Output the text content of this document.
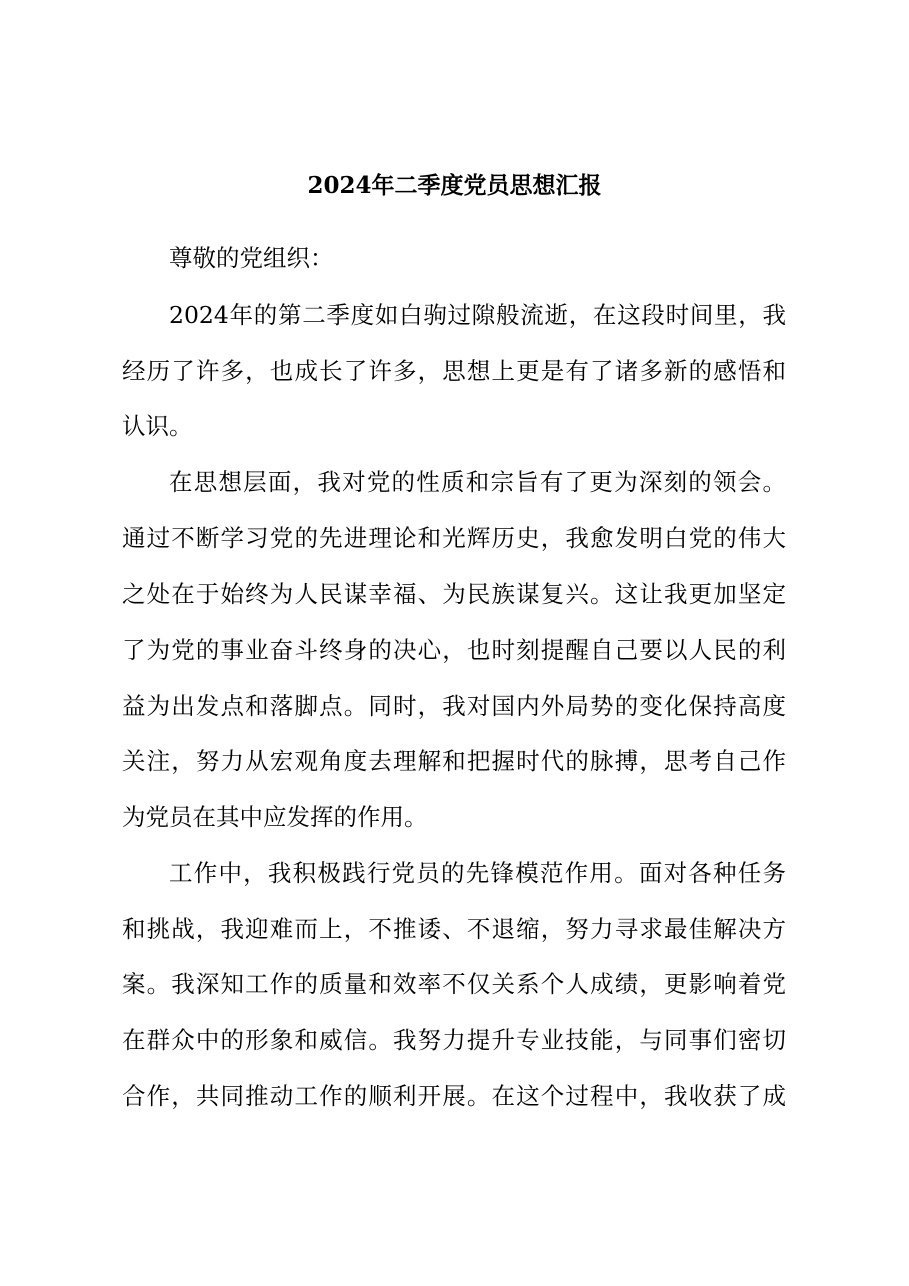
2024年二季度党员思想汇报
尊敬的党组织：
2024年的第二季度如白驹过隙般流逝，在这段时间里，我
经历了许多，也成长了许多，思想上更是有了诸多新的感悟和
认识。
在思想层面，我对党的性质和宗旨有了更为深刻的领会。
通过不断学习党的先进理论和光辉历史，我愈发明白党的伟大
之处在于始终为人民谋幸福、为民族谋复兴。这让我更加坚定
了为党的事业奋斗终身的决心，也时刻提醒自己要以人民的利
益为出发点和落脚点。同时，我对国内外局势的变化保持高度
关注，努力从宏观角度去理解和把握时代的脉搏，思考自己作
为党员在其中应发挥的作用。
工作中，我积极践行党员的先锋模范作用。面对各种任务
和挑战，我迎难而上，不推诿、不退缩，努力寻求最佳解决方
案。我深知工作的质量和效率不仅关系个人成绩，更影响着党
在群众中的形象和威信。我努力提升专业技能，与同事们密切
合作，共同推动工作的顺利开展。在这个过程中，我收获了成
